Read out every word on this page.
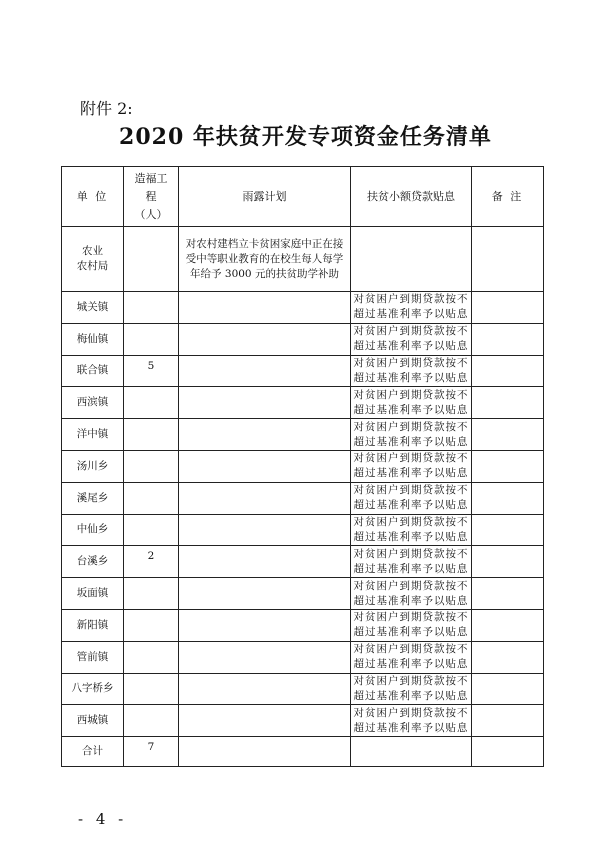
附件 2:
2020 年扶贫开发专项资金任务清单
单 位	造福工
程
（人）	雨露计划	扶贫小额贷款贴息	备 注

农业
农村局		对农村建档立卡贫困家庭中正在接受中等职业教育的在校生每人每学年给予 3000 元的扶贫助学补助		
城关镇			对贫困户到期贷款按不
超过基准利率予以贴息	

梅仙镇			对贫困户到期贷款按不
超过基准利率予以贴息	

联合镇	5		对贫困户到期贷款按不
超过基准利率予以贴息	

西滨镇			对贫困户到期贷款按不
超过基准利率予以贴息	

洋中镇			对贫困户到期贷款按不
超过基准利率予以贴息	

汤川乡			对贫困户到期贷款按不
超过基准利率予以贴息	

溪尾乡			对贫困户到期贷款按不
超过基准利率予以贴息	

中仙乡			对贫困户到期贷款按不
超过基准利率予以贴息	

台溪乡	2		对贫困户到期贷款按不
超过基准利率予以贴息	

坂面镇			对贫困户到期贷款按不
超过基准利率予以贴息	

新阳镇			对贫困户到期贷款按不
超过基准利率予以贴息	

管前镇			对贫困户到期贷款按不
超过基准利率予以贴息	

八字桥乡			对贫困户到期贷款按不
超过基准利率予以贴息	

西城镇			对贫困户到期贷款按不
超过基准利率予以贴息	

合计	7			
- 4 -
